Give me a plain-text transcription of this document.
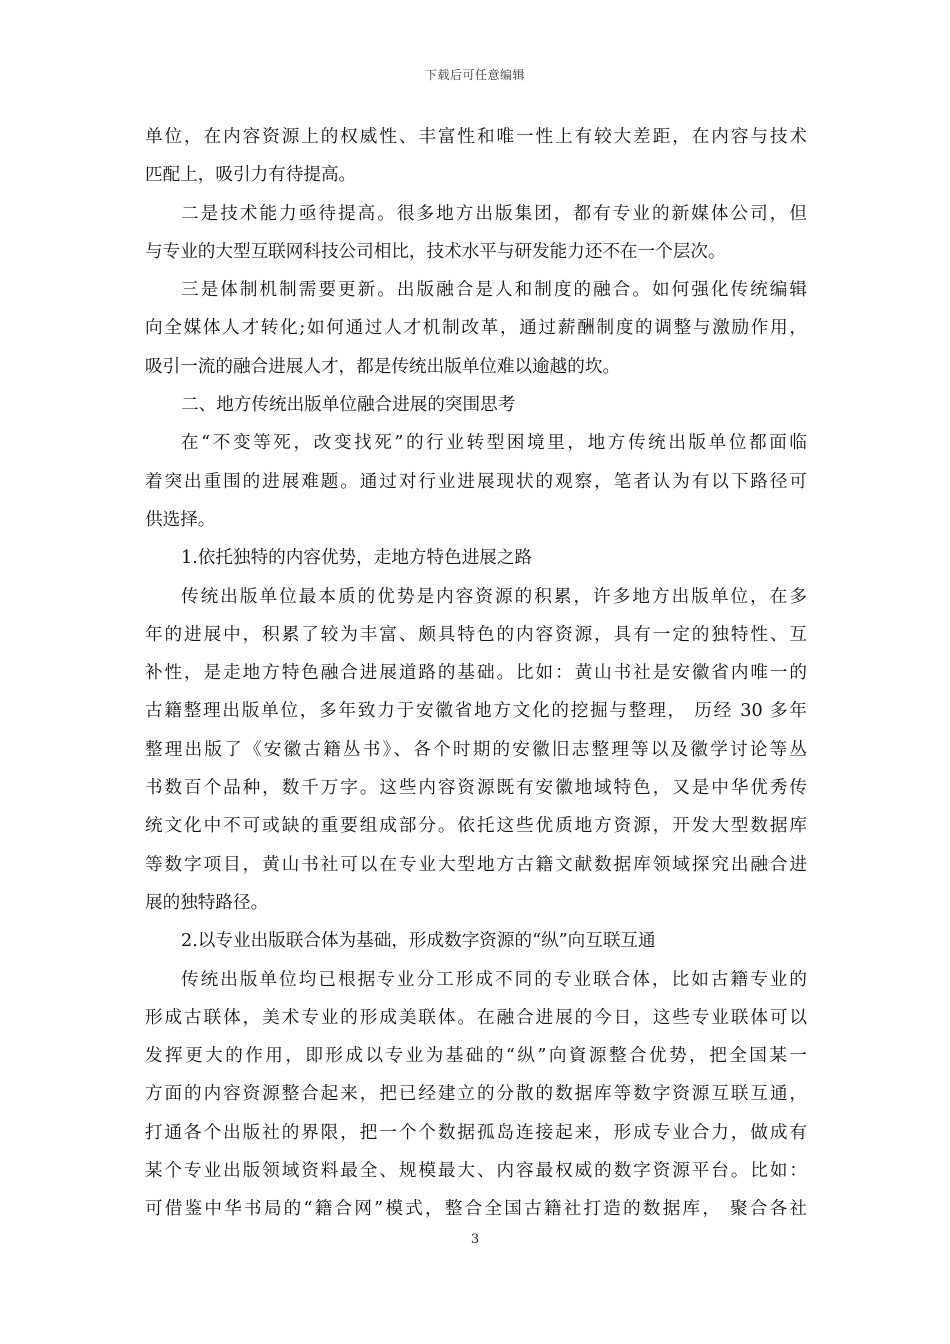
下载后可任意编辑
单位，在内容资源上的权威性、丰富性和唯一性上有较大差距，在内容与技术
匹配上，吸引力有待提高。
二是技术能力亟待提高。很多地方出版集团，都有专业的新媒体公司，但
与专业的大型互联网科技公司相比，技术水平与研发能力还不在一个层次。
三是体制机制需要更新。出版融合是人和制度的融合。如何强化传统编辑
向全媒体人才转化;如何通过人才机制改革，通过薪酬制度的调整与激励作用，
吸引一流的融合进展人才，都是传统出版单位难以逾越的坎。
二、地方传统出版单位融合进展的突围思考
在“不变等死，改变找死”的行业转型困境里，地方传统出版单位都面临
着突出重围的进展难题。通过对行业进展现状的观察，笔者认为有以下路径可
供选择。
1.依托独特的内容优势，走地方特色进展之路
传统出版单位最本质的优势是内容资源的积累，许多地方出版单位，在多
年的进展中，积累了较为丰富、颇具特色的内容资源，具有一定的独特性、互
补性，是走地方特色融合进展道路的基础。比如：黄山书社是安徽省内唯一的
古籍整理出版单位，多年致力于安徽省地方文化的挖掘与整理， 历经 30 多年
整理出版了《安徽古籍丛书》、各个时期的安徽旧志整理等以及徽学讨论等丛
书数百个品种，数千万字。这些内容资源既有安徽地域特色，又是中华优秀传
统文化中不可或缺的重要组成部分。依托这些优质地方资源，开发大型数据库
等数字项目，黄山书社可以在专业大型地方古籍文献数据库领域探究出融合进
展的独特路径。
2.以专业出版联合体为基础，形成数字资源的“纵”向互联互通
传统出版单位均已根据专业分工形成不同的专业联合体，比如古籍专业的
形成古联体，美术专业的形成美联体。在融合进展的今日，这些专业联体可以
发挥更大的作用，即形成以专业为基础的“纵”向資源整合优势，把全国某一
方面的内容资源整合起来，把已经建立的分散的数据库等数字资源互联互通，
打通各个出版社的界限，把一个个数据孤岛连接起来，形成专业合力，做成有
某个专业出版领域资料最全、规模最大、内容最权威的数字资源平台。比如：
可借鉴中华书局的“籍合网”模式，整合全国古籍社打造的数据库， 聚合各社
3
